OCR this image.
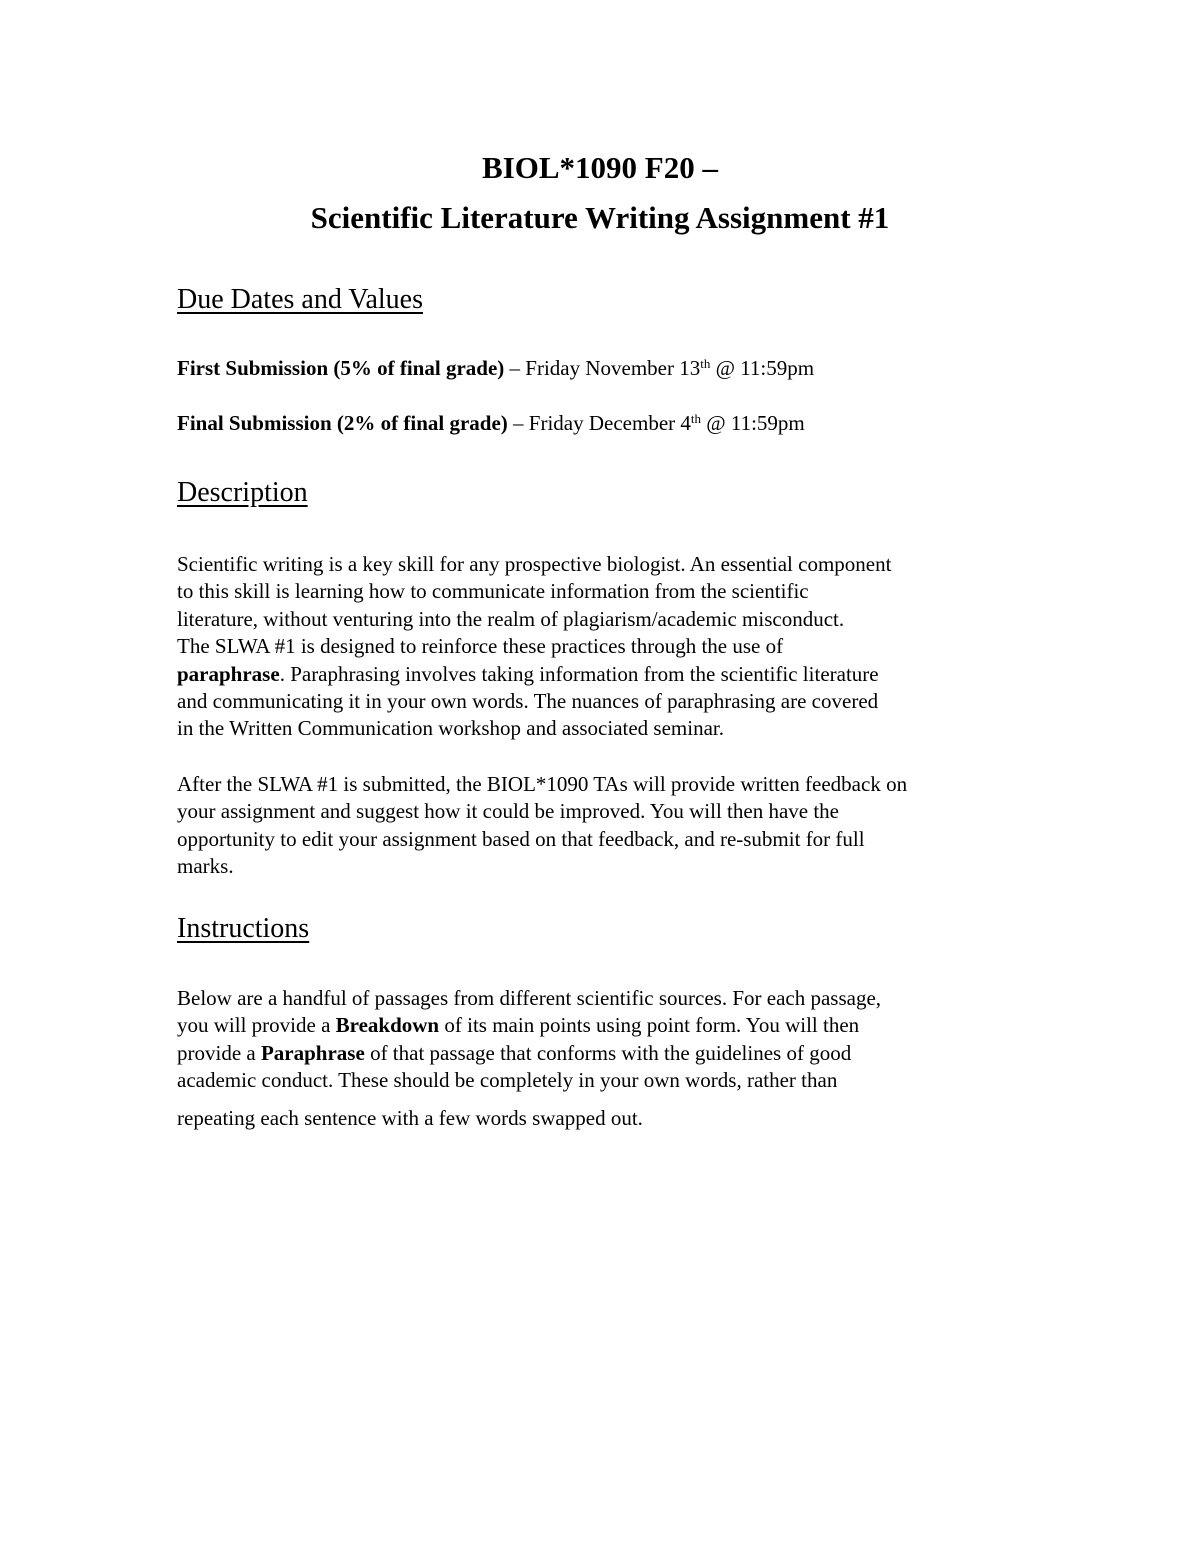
BIOL*1090 F20 –
Scientific Literature Writing Assignment #1
Due Dates and Values
First Submission (5% of final grade) – Friday November 13th @ 11:59pm
Final Submission (2% of final grade) – Friday December 4th @ 11:59pm
Description
Scientific writing is a key skill for any prospective biologist. An essential component
to this skill is learning how to communicate information from the scientific
literature, without venturing into the realm of plagiarism/academic misconduct.
The SLWA #1 is designed to reinforce these practices through the use of
paraphrase. Paraphrasing involves taking information from the scientific literature
and communicating it in your own words. The nuances of paraphrasing are covered
in the Written Communication workshop and associated seminar.
After the SLWA #1 is submitted, the BIOL*1090 TAs will provide written feedback on
your assignment and suggest how it could be improved. You will then have the
opportunity to edit your assignment based on that feedback, and re-submit for full
marks.
Instructions
Below are a handful of passages from different scientific sources. For each passage,
you will provide a Breakdown of its main points using point form. You will then
provide a Paraphrase of that passage that conforms with the guidelines of good
academic conduct. These should be completely in your own words, rather than
repeating each sentence with a few words swapped out.
